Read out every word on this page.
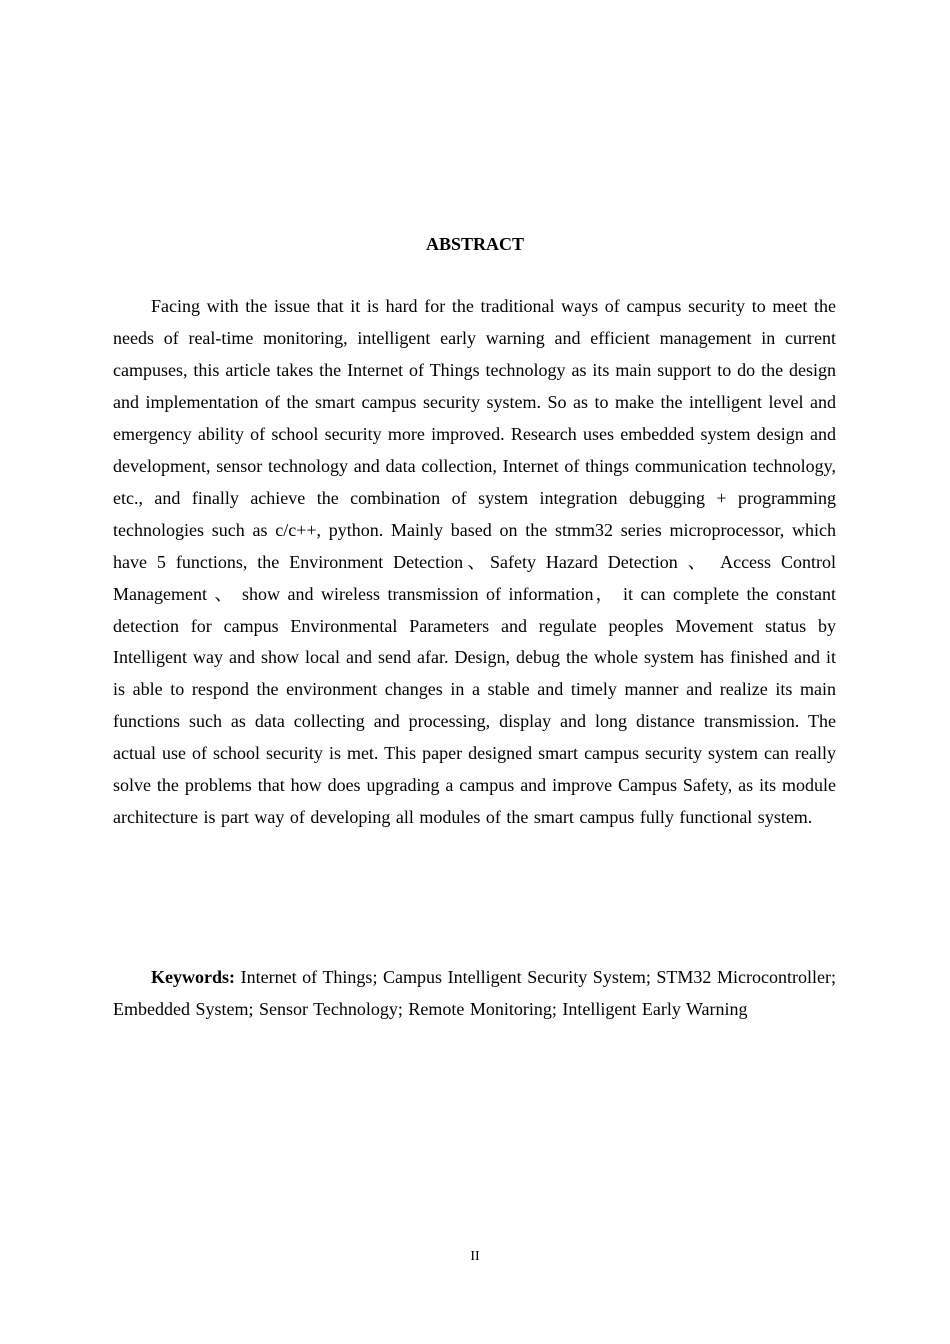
ABSTRACT

Facing with the issue that it is hard for the traditional ways of campus security to meet the needs of real-time monitoring, intelligent early warning and efficient management in current campuses, this article takes the Internet of Things technology as its main support to do the design and implementation of the smart campus security system. So as to make the intelligent level and emergency ability of school security more improved. Research uses embedded system design and development, sensor technology and data collection, Internet of things communication technology, etc., and finally achieve the combination of system integration debugging + programming technologies such as c/c++, python. Mainly based on the stmm32 series microprocessor, which have 5 functions, the Environment Detection、Safety Hazard Detection 、 Access Control Management 、 show and wireless transmission of information， it can complete the constant detection for campus Environmental Parameters and regulate peoples Movement status by Intelligent way and show local and send afar. Design, debug the whole system has finished and it is able to respond the environment changes in a stable and timely manner and realize its main functions such as data collecting and processing, display and long distance transmission. The actual use of school security is met. This paper designed smart campus security system can really solve the problems that how does upgrading a campus and improve Campus Safety, as its module architecture is part way of developing all modules of the smart campus fully functional system.

Keywords: Internet of Things; Campus Intelligent Security System; STM32 Microcontroller; Embedded System; Sensor Technology; Remote Monitoring; Intelligent Early Warning

II
